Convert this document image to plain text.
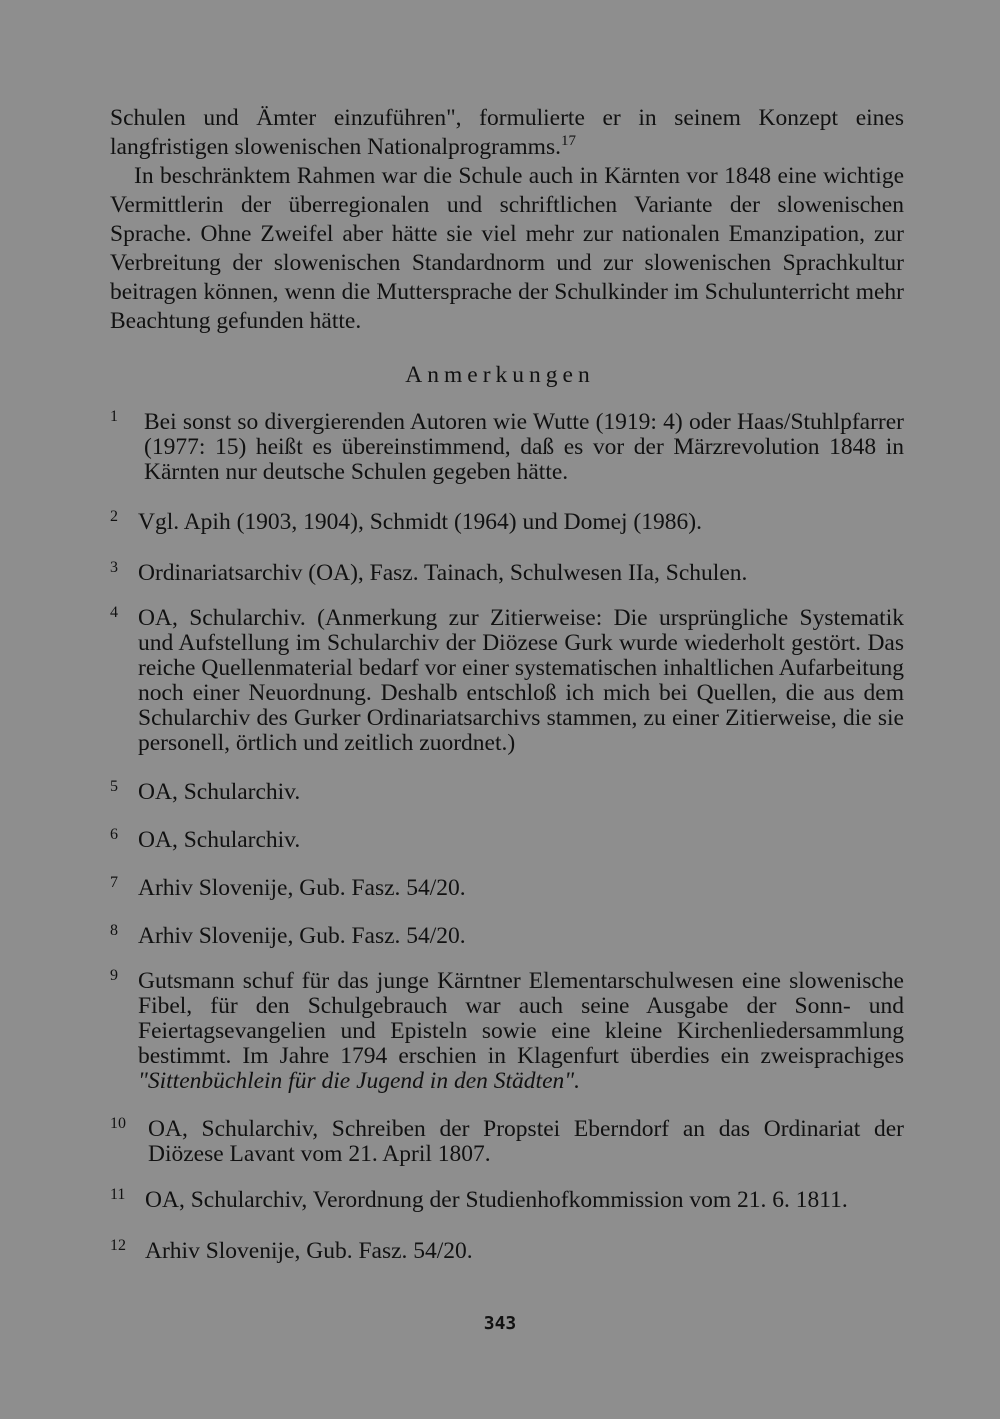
Schulen und Ämter einzuführen", formulierte er in seinem Konzept eines langfristigen slowenischen Nationalprogramms.$^{17}$

In beschränktem Rahmen war die Schule auch in Kärnten vor 1848 eine wichtige Vermittlerin der überregionalen und schriftlichen Variante der slowenischen Sprache. Ohne Zweifel aber hätte sie viel mehr zur nationalen Emanzipation, zur Verbreitung der slowenischen Standardnorm und zur slowenischen Sprachkultur beitragen können, wenn die Muttersprache der Schulkinder im Schulunterricht mehr Beachtung gefunden hätte.

Anmerkungen
1 Bei sonst so divergierenden Autoren wie Wutte (1919: 4) oder Haas/Stuhlpfarrer (1977: 15) heißt es übereinstimmend, daß es vor der Märzrevolution 1848 in Kärnten nur deutsche Schulen gegeben hätte.
2 Vgl. Apih (1903, 1904), Schmidt (1964) und Domej (1986).
3 Ordinariatsarchiv (OA), Fasz. Tainach, Schulwesen IIa, Schulen.
4 OA, Schularchiv. (Anmerkung zur Zitierweise: Die ursprüngliche Systematik und Aufstellung im Schularchiv der Diözese Gurk wurde wiederholt gestört. Das reiche Quellenmaterial bedarf vor einer systematischen inhaltlichen Aufarbeitung noch einer Neuordnung. Deshalb entschloß ich mich bei Quellen, die aus dem Schularchiv des Gurker Ordinariatsarchivs stammen, zu einer Zitierweise, die sie personell, örtlich und zeitlich zuordnet.)
5 OA, Schularchiv.
6 OA, Schularchiv.
7 Arhiv Slovenije, Gub. Fasz. 54/20.
8 Arhiv Slovenije, Gub. Fasz. 54/20.
9 Gutsmann schuf für das junge Kärntner Elementarschulwesen eine slowenische Fibel, für den Schulgebrauch war auch seine Ausgabe der Sonn- und Feiertagsevangelien und Episteln sowie eine kleine Kirchenliedersammlung bestimmt. Im Jahre 1794 erschien in Klagenfurt überdies ein zweisprachiges "Sittenbüchlein für die Jugend in den Städten".
10 OA, Schularchiv, Schreiben der Propstei Eberndorf an das Ordinariat der Diözese Lavant vom 21. April 1807.
11 OA, Schularchiv, Verordnung der Studienhofkommission vom 21. 6. 1811.
12 Arhiv Slovenije, Gub. Fasz. 54/20.
343
